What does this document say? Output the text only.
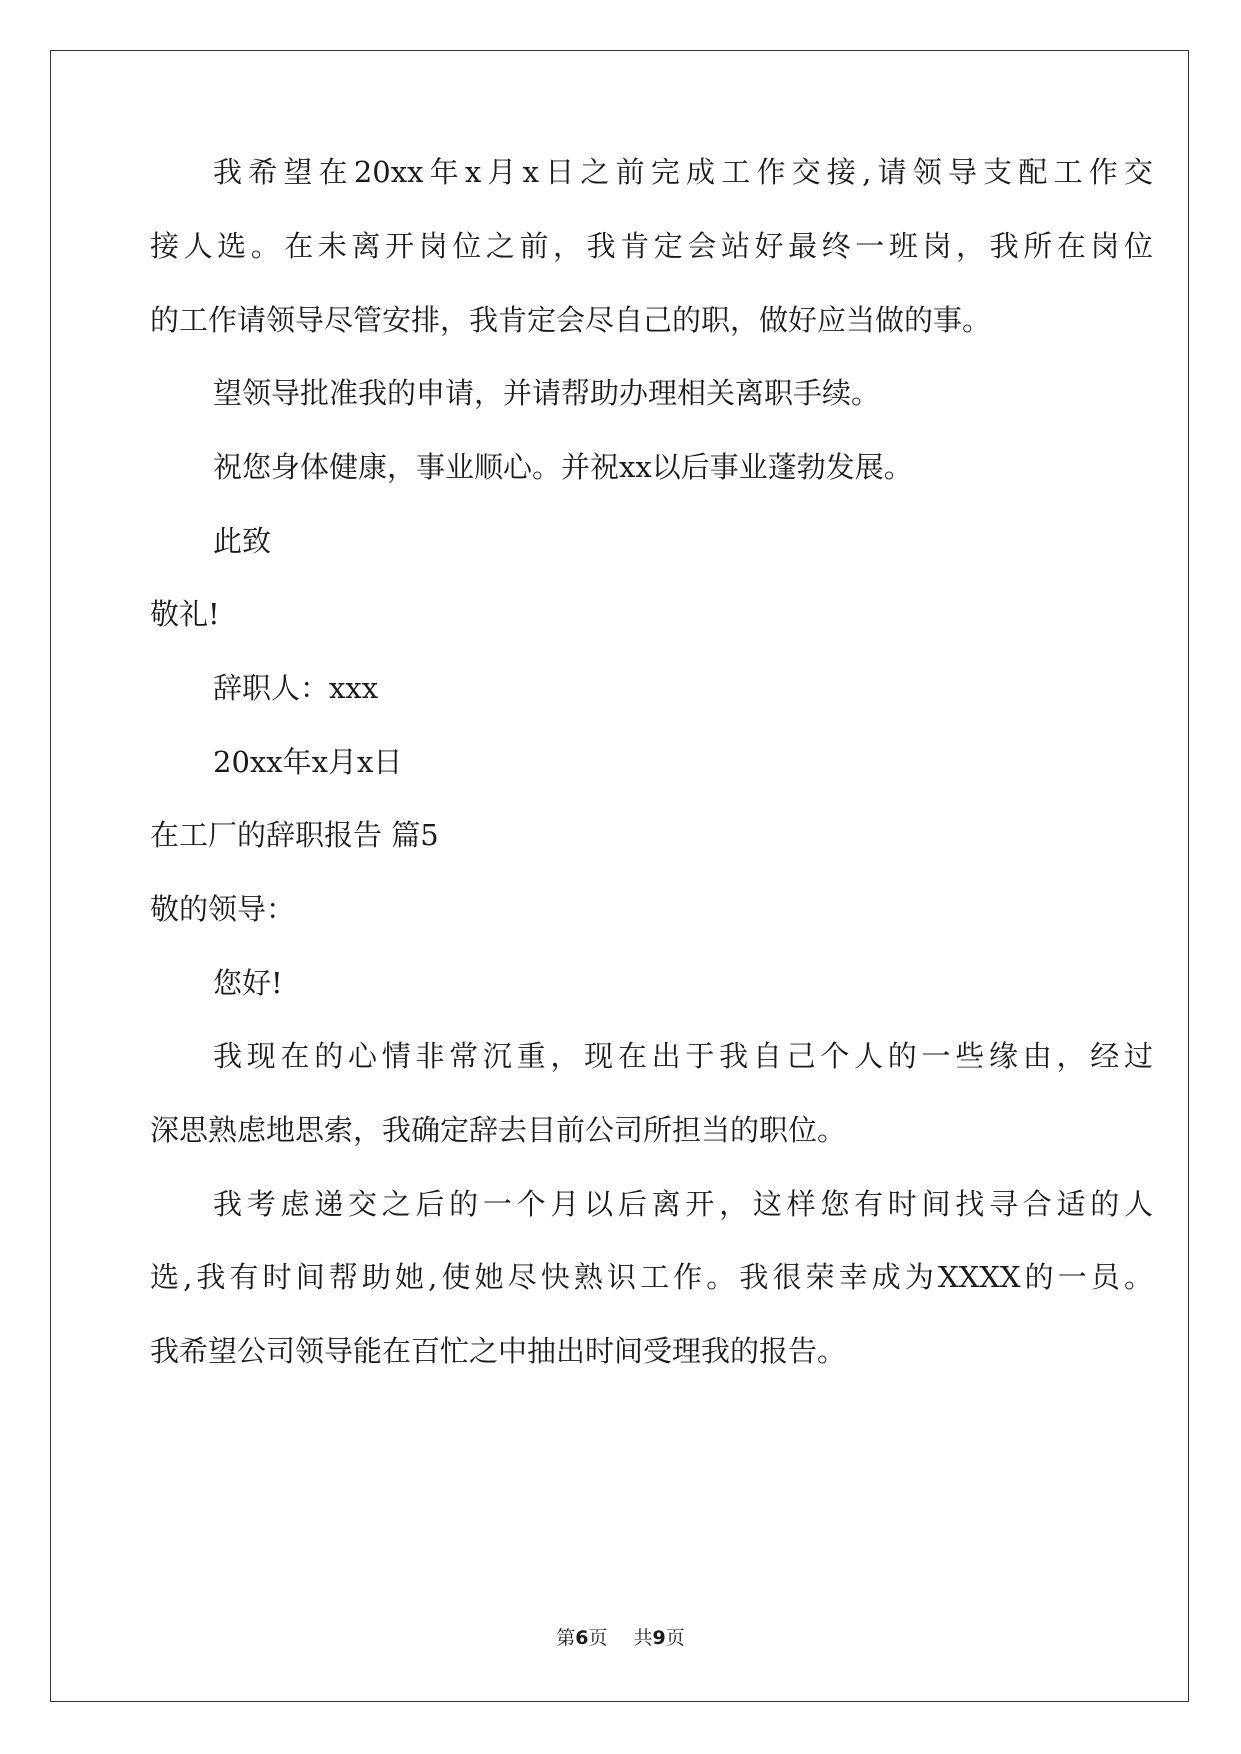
我希望在20xx年x月x日之前完成工作交接,请领导支配工作交
接人选。在未离开岗位之前，我肯定会站好最终一班岗，我所在岗位
的工作请领导尽管安排，我肯定会尽自己的职，做好应当做的事。
望领导批准我的申请，并请帮助办理相关离职手续。
祝您身体健康，事业顺心。并祝xx以后事业蓬勃发展。
此致
敬礼!
辞职人：xxx
20xx年x月x日
在工厂的辞职报告 篇5
敬的领导：
您好!
我现在的心情非常沉重，现在出于我自己个人的一些缘由，经过
深思熟虑地思索，我确定辞去目前公司所担当的职位。
我考虑递交之后的一个月以后离开，这样您有时间找寻合适的人
选,我有时间帮助她,使她尽快熟识工作。我很荣幸成为XXXX的一员。
我希望公司领导能在百忙之中抽出时间受理我的报告。
第6页 共9页
